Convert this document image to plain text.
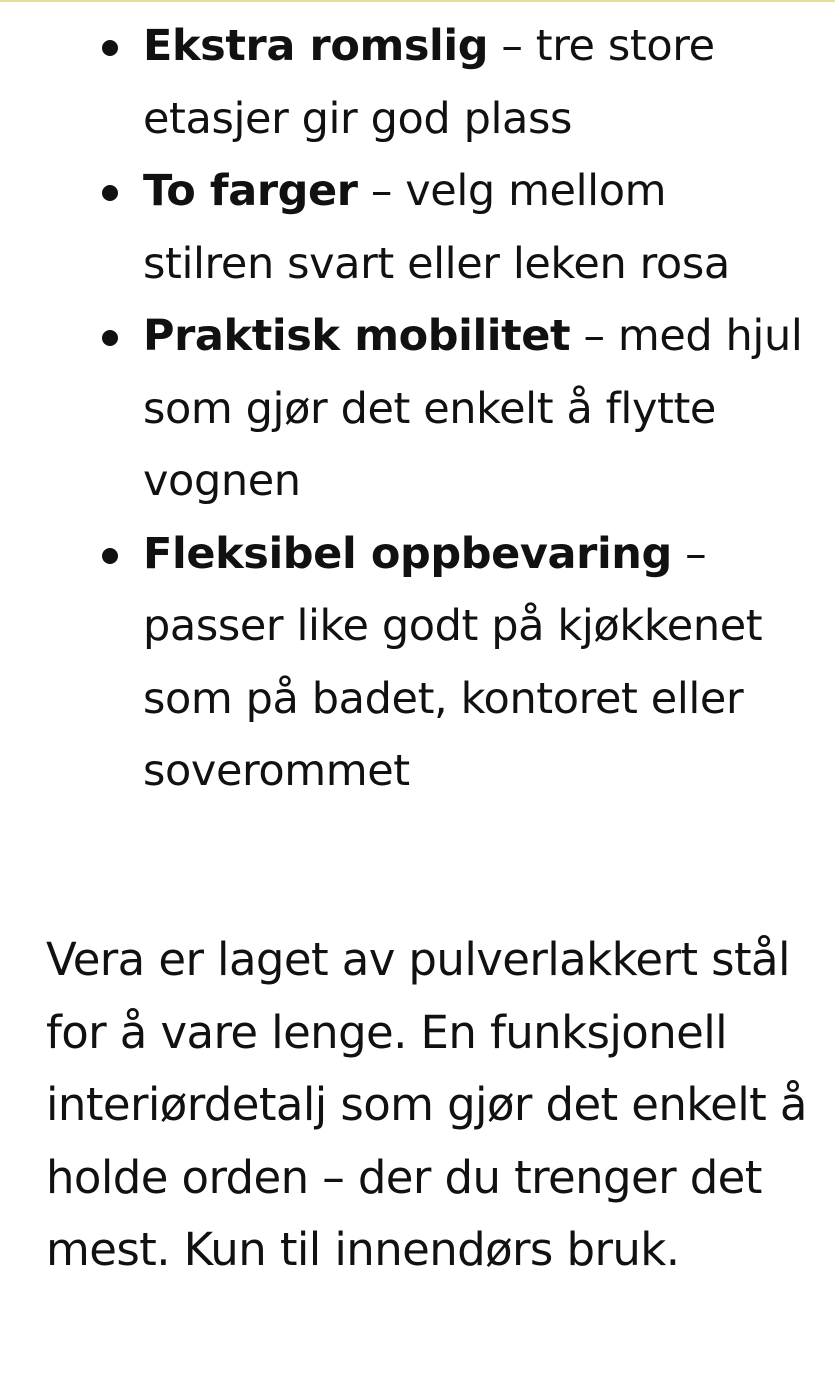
Ekstra romslig – tre store etasjer gir god plass
To farger – velg mellom stilren svart eller leken rosa
Praktisk mobilitet – med hjul som gjør det enkelt å flytte vognen
Fleksibel oppbevaring – passer like godt på kjøkkenet som på badet, kontoret eller soverommet

Vera er laget av pulverlakkert stål for å vare lenge. En funksjonell interiørdetalj som gjør det enkelt å holde orden – der du trenger det mest. Kun til innendørs bruk.
